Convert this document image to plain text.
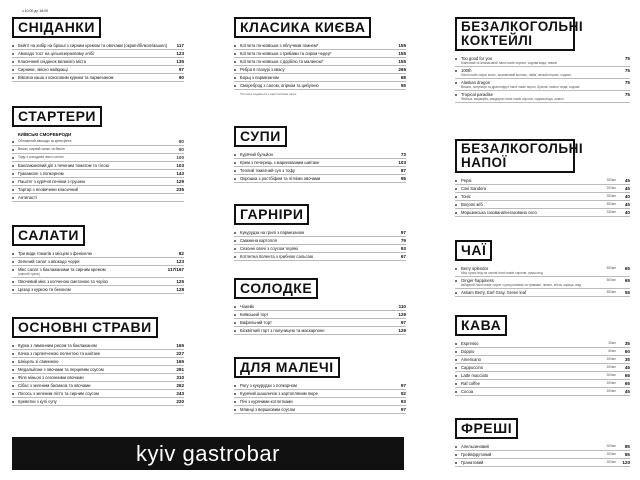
з 10:00 до 16:00
СНІДАНКИ
Бейгл на хибір на бріоші з сирним кремом та овочами (окраїн/білкол/машел) 117
Авокадо тост на цільнозерновому хлібі	123
Класичний сніданок великого міста	135
Сирники, звісно найкращі	97
Вівсяна каша з кокосовим курком та пармезаном	90
СТАРТЕРИ
КИЇВСЬКІ СМОРЕБРОДИ
Обтяжений авокадо та крем фета	80
Векон, сирний чанко та бекон	80
Тоду з солодком чисто чесно	100
Баклажановий діп з печеним томатом та тілою	103
Гуакамоле з попкорном	143
Паштет з курячої печінки з грушею	129
Тартар з яловичини класичний	235
Антипасті
САЛАТИ
Три види томатів з місцем з феніхелю	82
Зелений салат з авокадо чорри	123
Мікс салат з баклажанами та сирним кремом
(сирний тужок)
117/167
Овочевий мікс з копченою сметаною та чорізо	125
Цезар з куркою та беконом	128
ОСНОВНІ СТРАВИ
Курка з лимонним рисом та баклажаном	165
Качка з гарпелченою полентою та шиітаке	227
Шніцель зі свининою	165
Медальйони з овочами та перцевим соусом	291
Філе міньон з сезонними овочами	310
Сібас з зеленим басмаєм та овочами	262
Лосось з зеленим пісто та сирним соусом	243
Креветки з купі супу	220
КЛАСИКА КИЄВА
Котлета по-київськи з яблучним гомнем*	155
Котлета по-київськи з грибами та сиром чедер*	155
Котлета по-київськи з дорблю та малиною*	155
Ребра в глазурі з квасу	265
Борщ з пармезаном	68
Смореброд з салом, огірком та цибулею	55
*Котлета подається з картопляним пюре
СУПИ
Курячий бульйон	73
Крем з печериць з маринованим шиітаке	103
Теплий томатний суп з тофу	87
Окрошка з ростбіфом та літніми овочами	95
ГАРНІРИ
Кукурудза на грилі з пармезаном	97
Смажена картопля	79
Сезонні овочі з соусом теріякі	93
Котлетна полента з грибною сальсою	67
СОЛОДКЕ
Чізкейк	110
Київський торт	129
Вафельний торт	97
Бісквітний торт з полуницею та маскарпоне	129
ДЛЯ МАЛЕЧІ
Рагу з кукурудзи з попкорном	97
Курячий шашличок з картопляним пюре	92
Пічі з курячими котлетками	93
Млинці з вершковим соусом	97
БЕЗАЛКОГОЛЬНІ КОКТЕЙЛІ
Too good for you
Манговий та ананасовий hand made сиропи, содова вода, лимон
75
100th
Hand made сироп кокос, ананасовий молоко, лайм, свіжий персик, содова
75
Alaskan dragon
Вишня, полуниця та драгонфрут hand made сироп, бузина, лимон, вода, содова
75
Tropical paradise
Фейхоа, маракуйя, мандарин hand made сиропи, содова вода, лимон
75
БЕЗАЛКОГОЛЬНІ НАПОЇ
Pepsi	300мл 45
Сокі Sandora	200мл 45
Тоніс	300мл 40
Borjomi ж/б	500мл 45
Моршинська газована/негазована скло	330мл 40
ЧАЇ
Berry splendor
Мікс сухих ягід на основі hand made сиропів, суміш ягід
500мл 65
Ginger happiness
Імбирний hand made сироп з цитрусовими та травами, лимон, м'ята, кориця, мед
500мл 65
Assam Berry, Earl Gray, Green leaf	500мл 55
КАВА
Espresso	30мл 35
Doppio	60мл 60
Americano	200мл 35
Cappuccino	200мл 45
Latte macciato	300мл 65
Raf coffee	200мл 65
Cocoa	200мл 45
ФРЕШІ
Апельсиновий	200мл 85
Грейпфрутовий	200мл 85
Гранатовий	200мл 120
kyiv gastrobar
